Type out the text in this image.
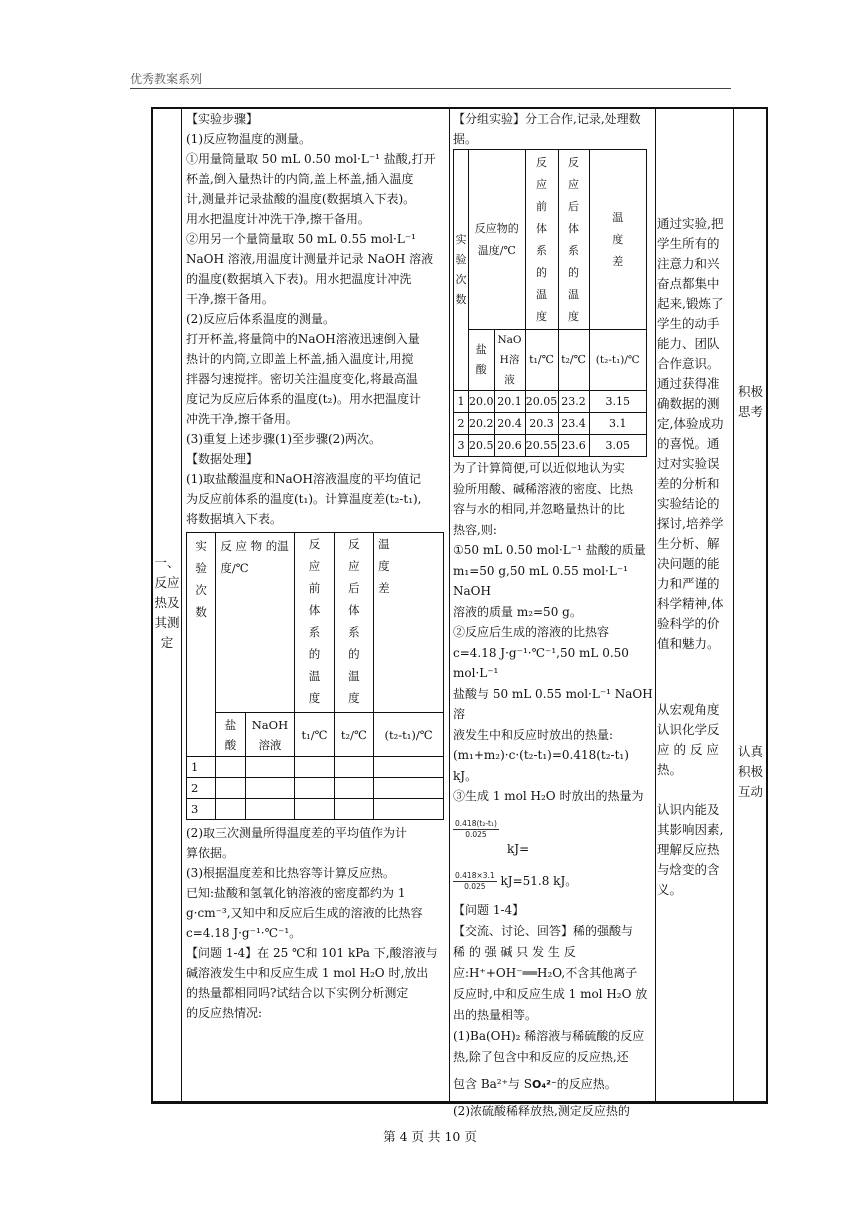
优秀教案系列

一、

反应

热及

其测

定

【实验步骤】

(1)反应物温度的测量。

①用量筒量取 50 mL 0.50 mol·L⁻¹ 盐酸,打开

杯盖,倒入量热计的内筒,盖上杯盖,插入温度

计,测量并记录盐酸的温度(数据填入下表)。

用水把温度计冲洗干净,擦干备用。

②用另一个量筒量取 50 mL 0.55 mol·L⁻¹

NaOH 溶液,用温度计测量并记录 NaOH 溶液

的温度(数据填入下表)。用水把温度计冲洗

干净,擦干备用。

(2)反应后体系温度的测量。

打开杯盖,将量筒中的NaOH溶液迅速倒入量

热计的内筒,立即盖上杯盖,插入温度计,用搅

拌器匀速搅拌。密切关注温度变化,将最高温

度记为反应后体系的温度(t₂)。用水把温度计

冲洗干净,擦干备用。

(3)重复上述步骤(1)至步骤(2)两次。

【数据处理】

(1)取盐酸温度和NaOH溶液温度的平均值记

为反应前体系的温度(t₁)。计算温度差(t₂-t₁),

将数据填入下表。

实验次数	反 应 物 的温度/℃		反应前体系的温度	反应后体系的温度	温度差

	盐酸	NaOH溶液	t₁/℃	t₂/℃	(t₂-t₁)/℃
1					
2					
3					

(2)取三次测量所得温度差的平均值作为计

算依据。

(3)根据温度差和比热容等计算反应热。

已知:盐酸和氢氧化钠溶液的密度都约为 1

g·cm⁻³,又知中和反应后生成的溶液的比热容

c=4.18 J·g⁻¹·℃⁻¹。

【问题 1-4】在 25 ℃和 101 kPa 下,酸溶液与

碱溶液发生中和反应生成 1 mol H₂O 时,放出

的热量都相同吗?试结合以下实例分析测定

的反应热情况:

【分组实验】分工合作,记录,处理数

据。

实验次数	反应物的温度/℃		反应前体系的温度	反应后体系的温度	温度差

	盐酸	NaOH溶液	t₁/℃	t₂/℃	(t₂-t₁)/℃
1	20.0	20.1	20.05	23.2	3.15
2	20.2	20.4	20.3	23.4	3.1
3	20.5	20.6	20.55	23.6	3.05

为了计算简便,可以近似地认为实

验所用酸、碱稀溶液的密度、比热

容与水的相同,并忽略量热计的比

热容,则:

①50 mL 0.50 mol·L⁻¹ 盐酸的质量

m₁=50 g,50 mL 0.55 mol·L⁻¹ NaOH

溶液的质量 m₂=50 g。

②反应后生成的溶液的比热容

c=4.18 J·g⁻¹·℃⁻¹,50 mL 0.50 mol·L⁻¹

盐酸与 50 mL 0.55 mol·L⁻¹ NaOH 溶

液发生中和反应时放出的热量:

(m₁+m₂)·c·(t₂-t₁)=0.418(t₂-t₁) kJ。

③生成 1 mol H₂O 时放出的热量为

$\frac{\text{0.418(t₂-t₁)}}{0.025}$
kJ=
$\frac{0.418\times 3.1}{0.025} kJ=51.8$ kJ。

【问题 1-4】

【交流、讨论、回答】稀的强酸与

稀 的 强 碱 只 发 生 反

应:H⁺+OH⁻══H₂O,不含其他离子

反应时,中和反应生成 1 mol H₂O 放

出的热量相等。

(1)Ba(OH)₂ 稀溶液与稀硫酸的反应

热,除了包含中和反应的反应热,还

包含 Ba²⁺与 SO₄²⁻的反应热。

(2)浓硫酸稀释放热,测定反应热的

通过实验,把

学生所有的

注意力和兴

奋点都集中

起来,锻炼了

学生的动手

能力、团队

合作意识。

通过获得准

确数据的测

定,体验成功

的喜悦。通

过对实验误

差的分析和

实验结论的

探讨,培养学

生分析、解

决问题的能

力和严谨的

科学精神,体

验科学的价

值和魅力。

从宏观角度

认识化学反

应 的 反 应

热。

认识内能及

其影响因素,

理解反应热

与焓变的含

义。

积极

思考

认真

积极

互动

第 4 页 共 10 页
